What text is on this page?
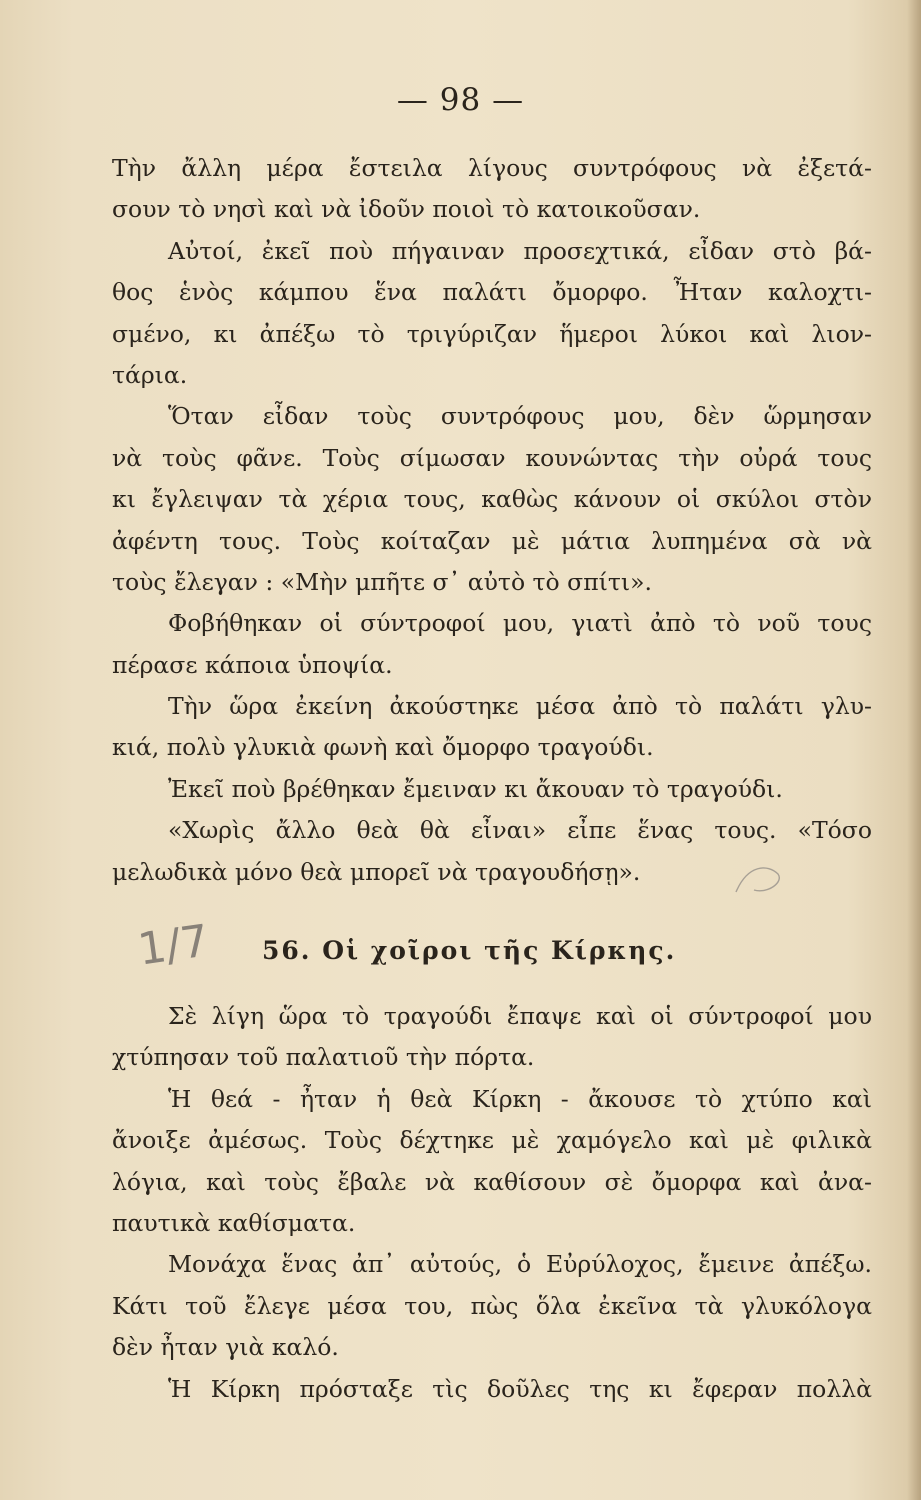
— 98 —
Τὴν ἄλλη μέρα ἔστειλα λίγους συντρόφους νὰ ἐξετά-
σουν τὸ νησὶ καὶ νὰ ἰδοῦν ποιοὶ τὸ κατοικοῦσαν.
Αὐτοί, ἐκεῖ ποὺ πήγαιναν προσεχτικά, εἶδαν στὸ βά-
θος ἑνὸς κάμπου ἕνα παλάτι ὄμορφο. Ἦταν καλοχτι-
σμένο, κι ἀπέξω τὸ τριγύριζαν ἥμεροι λύκοι καὶ λιον-
τάρια.
Ὅταν εἶδαν τοὺς συντρόφους μου, δὲν ὥρμησαν
νὰ τοὺς φᾶνε. Τοὺς σίμωσαν κουνώντας τὴν οὐρά τους
κι ἔγλειψαν τὰ χέρια τους, καθὼς κάνουν οἱ σκύλοι στὸν
ἀφέντη τους. Τοὺς κοίταζαν μὲ μάτια λυπημένα σὰ νὰ
τοὺς ἔλεγαν : «Μὴν μπῆτε σ᾽ αὐτὸ τὸ σπίτι».
Φοβήθηκαν οἱ σύντροφοί μου, γιατὶ ἀπὸ τὸ νοῦ τους
πέρασε κάποια ὑποψία.
Τὴν ὥρα ἐκείνη ἀκούστηκε μέσα ἀπὸ τὸ παλάτι γλυ-
κιά, πολὺ γλυκιὰ φωνὴ καὶ ὄμορφο τραγούδι.
Ἐκεῖ ποὺ βρέθηκαν ἔμειναν κι ἄκουαν τὸ τραγούδι.
«Χωρὶς ἄλλο θεὰ θὰ εἶναι» εἶπε ἕνας τους. «Τόσο
μελωδικὰ μόνο θεὰ μπορεῖ νὰ τραγουδήσῃ».
1/7 56. Οἱ χοῖροι τῆς Κίρκης.
Σὲ λίγη ὥρα τὸ τραγούδι ἔπαψε καὶ οἱ σύντροφοί μου
χτύπησαν τοῦ παλατιοῦ τὴν πόρτα.
Ἡ θεά - ἦταν ἡ θεὰ Κίρκη - ἄκουσε τὸ χτύπο καὶ
ἄνοιξε ἀμέσως. Τοὺς δέχτηκε μὲ χαμόγελο καὶ μὲ φιλικὰ
λόγια, καὶ τοὺς ἔβαλε νὰ καθίσουν σὲ ὄμορφα καὶ ἀνα-
παυτικὰ καθίσματα.
Μονάχα ἕνας ἀπ᾽ αὐτούς, ὁ Εὐρύλοχος, ἔμεινε ἀπέξω.
Κάτι τοῦ ἔλεγε μέσα του, πὼς ὅλα ἐκεῖνα τὰ γλυκόλογα
δὲν ἦταν γιὰ καλό.
Ἡ Κίρκη πρόσταξε τὶς δοῦλες της κι ἔφεραν πολλὰ
